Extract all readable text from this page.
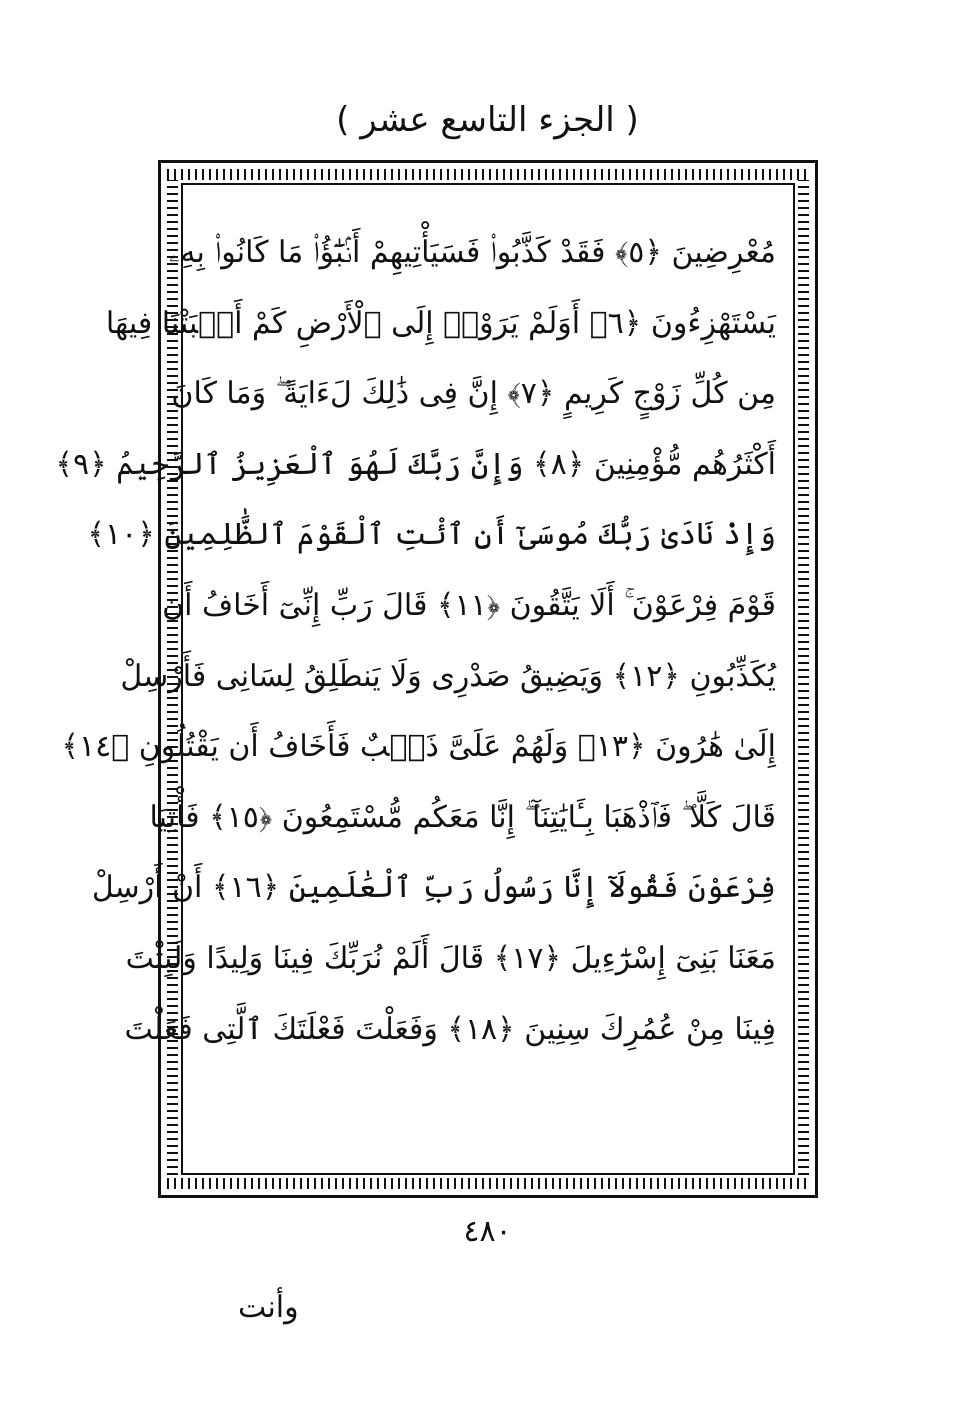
( الجزء التاسع عشر )
مُعْرِضِينَ ﴿٥﴾ فَقَدْ كَذَّبُوا۟ فَسَيَأْتِيهِمْ أَنۢبَٰٓؤُا۟ مَا كَانُوا۟ بِهِۦ
يَسْتَهْزِءُونَ ﴿٦﴾ أَوَلَمْ يَرَوْا۟ إِلَى ٱلْأَرْضِ كَمْ أَنۢبَتْنَا فِيهَا
مِن كُلِّ زَوْجٍ كَرِيمٍ ﴿٧﴾ إِنَّ فِى ذَٰلِكَ لَءَايَةً ۖ وَمَا كَانَ
أَكْثَرُهُم مُّؤْمِنِينَ ﴿٨﴾ وَإِنَّ رَبَّكَ لَهُوَ ٱلْعَزِيزُ ٱلرَّحِيمُ ﴿٩﴾
وَإِذْ نَادَىٰ رَبُّكَ مُوسَىٰٓ أَنِ ٱئْتِ ٱلْقَوْمَ ٱلظَّٰلِمِينَ ﴿١٠﴾
قَوْمَ فِرْعَوْنَ ۚ أَلَا يَتَّقُونَ ﴿١١﴾ قَالَ رَبِّ إِنِّىٓ أَخَافُ أَن
يُكَذِّبُونِ ﴿١٢﴾ وَيَضِيقُ صَدْرِى وَلَا يَنطَلِقُ لِسَانِى فَأَرْسِلْ
إِلَىٰ هَٰرُونَ ﴿١٣﴾ وَلَهُمْ عَلَىَّ ذَنۢبٌ فَأَخَافُ أَن يَقْتُلُونِ ﴿١٤﴾
قَالَ كَلَّا ۖ فَٱذْهَبَا بِـَٔايَٰتِنَآ ۖ إِنَّا مَعَكُم مُّسْتَمِعُونَ ﴿١٥﴾ فَأْتِيَا
فِرْعَوْنَ فَقُولَآ إِنَّا رَسُولُ رَبِّ ٱلْعَٰلَمِينَ ﴿١٦﴾ أَنْ أَرْسِلْ
مَعَنَا بَنِىٓ إِسْرَٰٓءِيلَ ﴿١٧﴾ قَالَ أَلَمْ نُرَبِّكَ فِينَا وَلِيدًا وَلَبِثْتَ
فِينَا مِنْ عُمُرِكَ سِنِينَ ﴿١٨﴾ وَفَعَلْتَ فَعْلَتَكَ ٱلَّتِى فَعَلْتَ
٤٨٠
وأنت
